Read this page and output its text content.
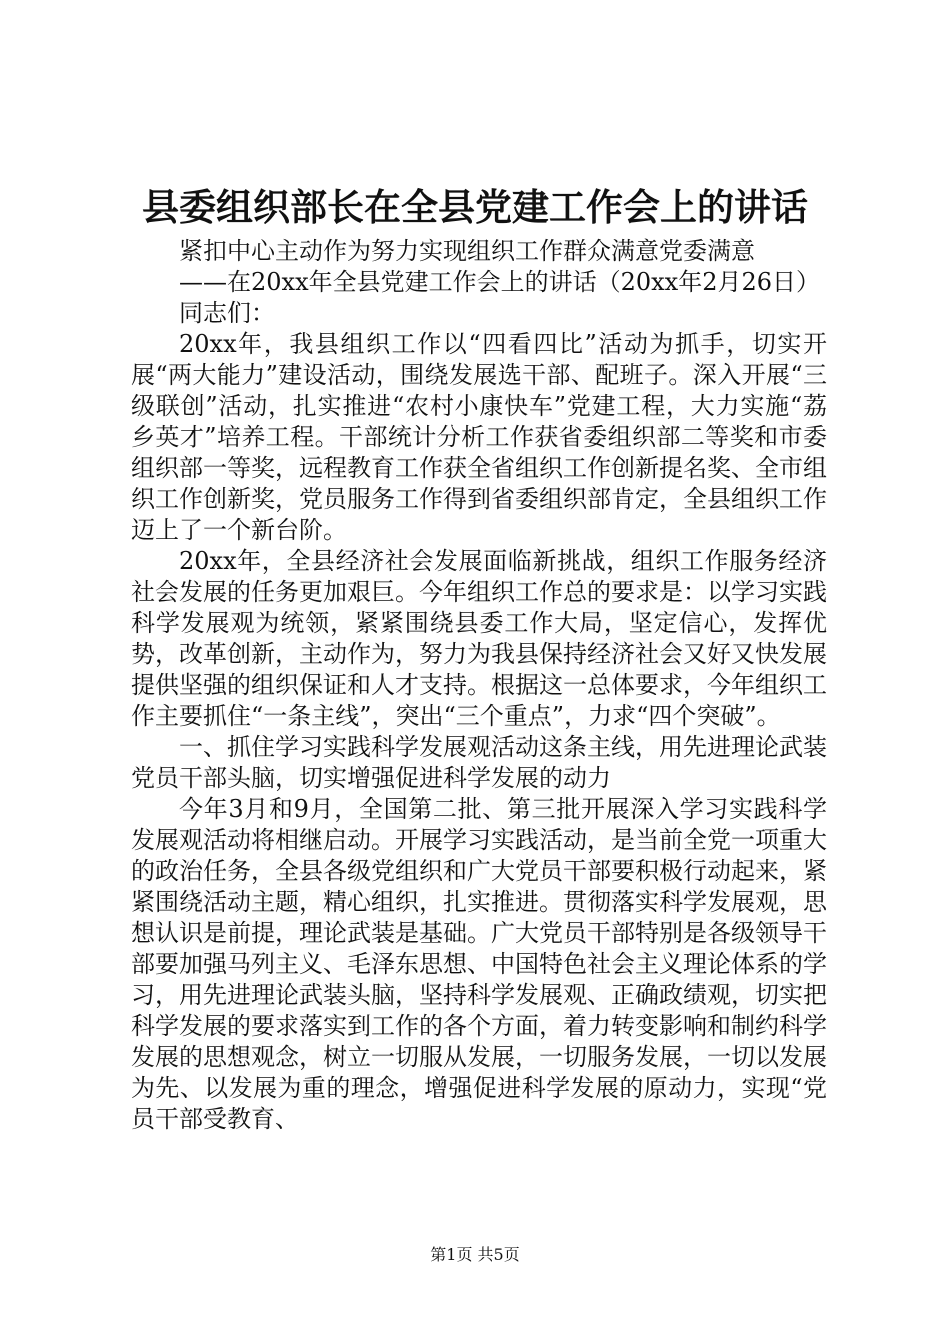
县委组织部长在全县党建工作会上的讲话

紧扣中心主动作为努力实现组织工作群众满意党委满意

——在20xx年全县党建工作会上的讲话（20xx年2月26日）

同志们：

20xx年，我县组织工作以“四看四比”活动为抓手，切实开展“两大能力”建设活动，围绕发展选干部、配班子。深入开展“三级联创”活动，扎实推进“农村小康快车”党建工程，大力实施“荔乡英才”培养工程。干部统计分析工作获省委组织部二等奖和市委组织部一等奖，远程教育工作获全省组织工作创新提名奖、全市组织工作创新奖，党员服务工作得到省委组织部肯定，全县组织工作迈上了一个新台阶。

20xx年，全县经济社会发展面临新挑战，组织工作服务经济社会发展的任务更加艰巨。今年组织工作总的要求是：以学习实践科学发展观为统领，紧紧围绕县委工作大局，坚定信心，发挥优势，改革创新，主动作为，努力为我县保持经济社会又好又快发展提供坚强的组织保证和人才支持。根据这一总体要求，今年组织工作主要抓住“一条主线”，突出“三个重点”，力求“四个突破”。

一、抓住学习实践科学发展观活动这条主线，用先进理论武装党员干部头脑，切实增强促进科学发展的动力

今年3月和9月，全国第二批、第三批开展深入学习实践科学发展观活动将相继启动。开展学习实践活动，是当前全党一项重大的政治任务，全县各级党组织和广大党员干部要积极行动起来，紧紧围绕活动主题，精心组织，扎实推进。贯彻落实科学发展观，思想认识是前提，理论武装是基础。广大党员干部特别是各级领导干部要加强马列主义、毛泽东思想、中国特色社会主义理论体系的学习，用先进理论武装头脑，坚持科学发展观、正确政绩观，切实把科学发展的要求落实到工作的各个方面，着力转变影响和制约科学发展的思想观念，树立一切服从发展，一切服务发展，一切以发展为先、以发展为重的理念，增强促进科学发展的原动力，实现“党员干部受教育、

第1页 共5页
